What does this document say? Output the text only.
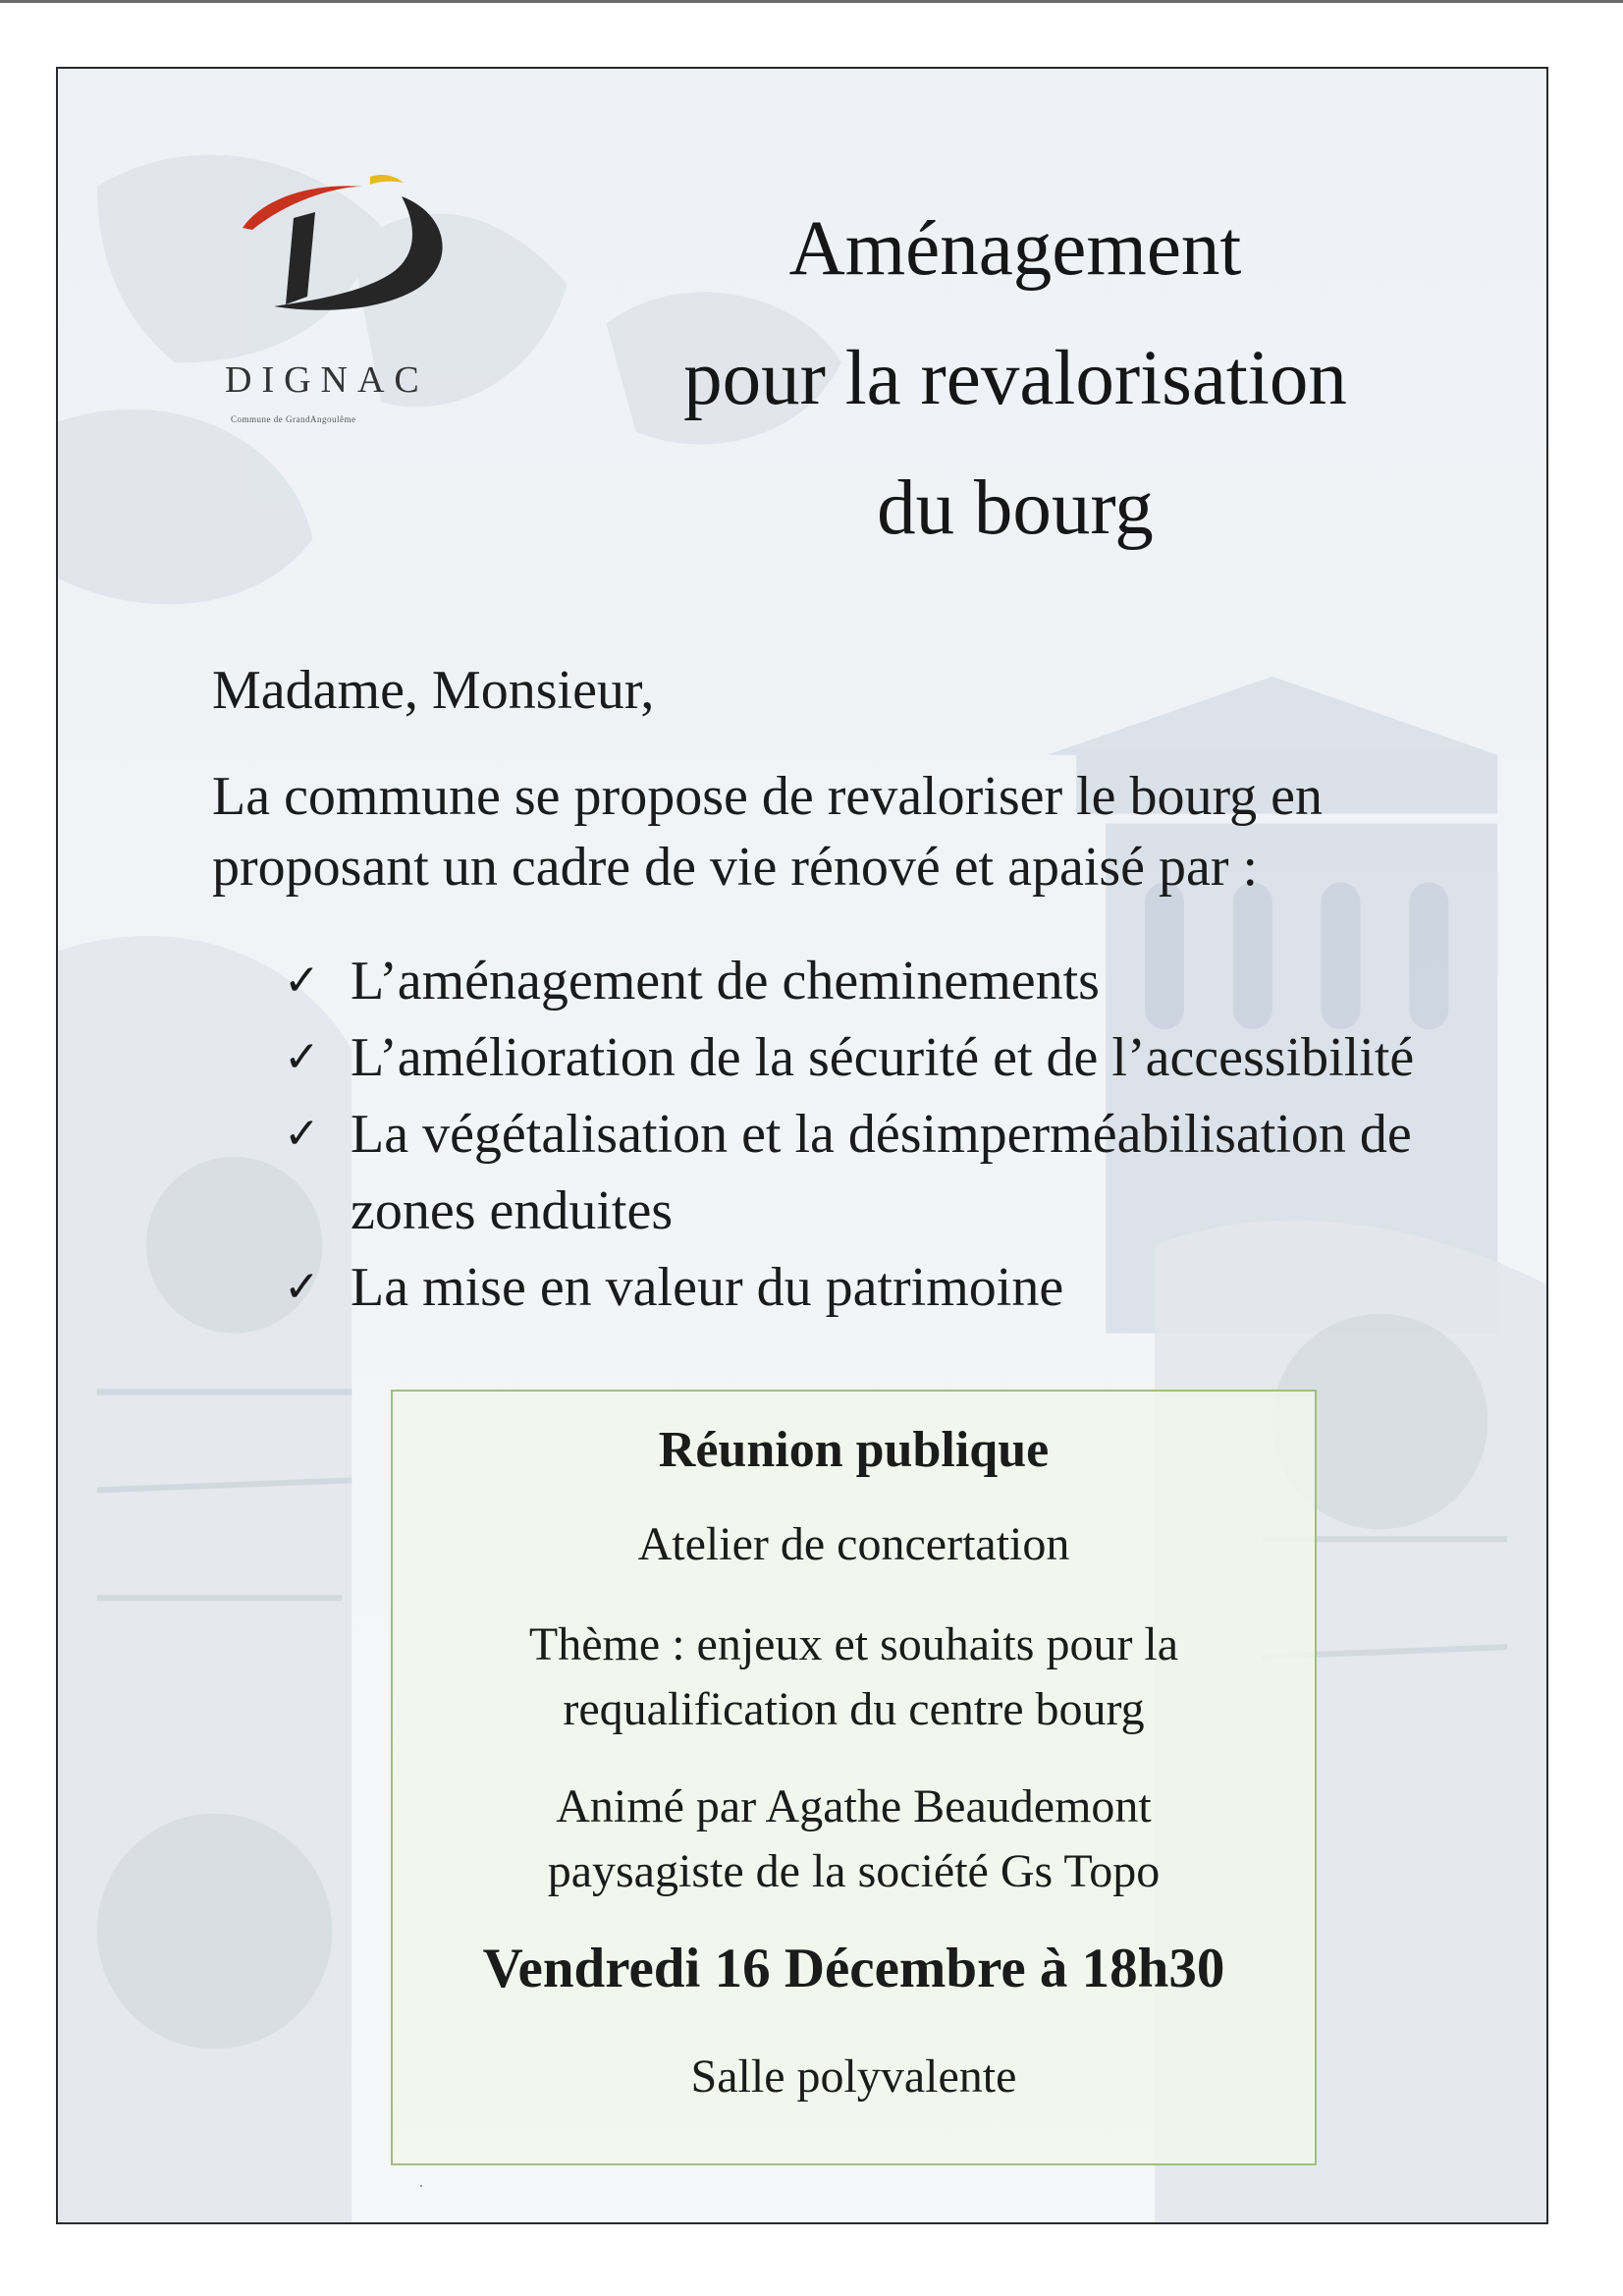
DIGNAC
Commune de GrandAngoulême
Aménagement
pour la revalorisation
du bourg
Madame, Monsieur,
La commune se propose de revaloriser le bourg en
proposant un cadre de vie rénové et apaisé par :
✓ L’aménagement de cheminements
✓ L’amélioration de la sécurité et de l’accessibilité
✓ La végétalisation et la désimperméabilisation de
zones enduites
✓ La mise en valeur du patrimoine
Réunion publique
Atelier de concertation
Thème : enjeux et souhaits pour la
requalification du centre bourg
Animé par Agathe Beaudemont
paysagiste de la société Gs Topo
Vendredi 16 Décembre à 18h30
Salle polyvalente
